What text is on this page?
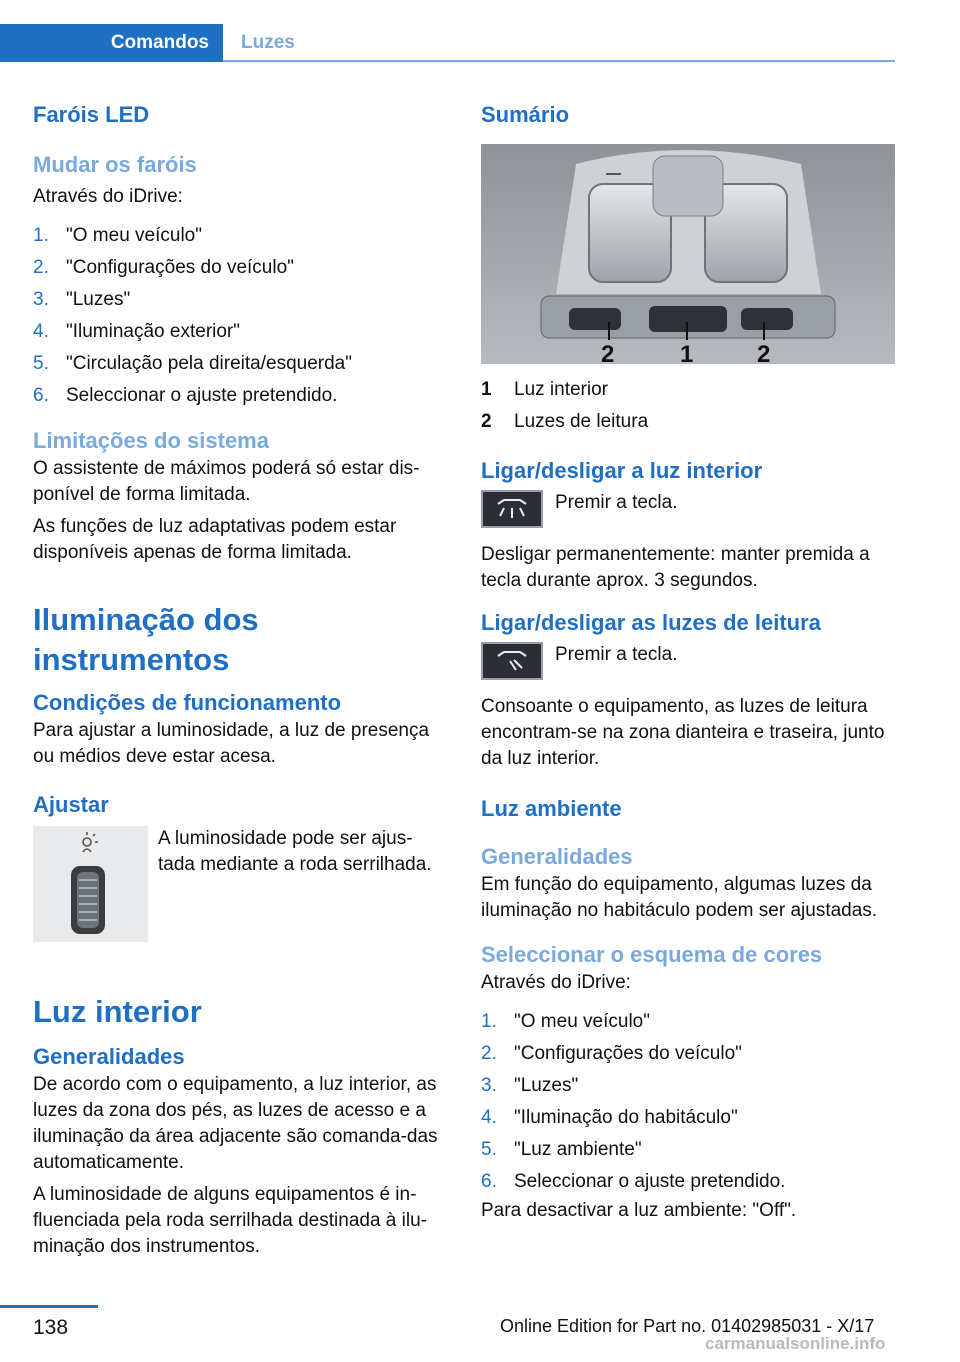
Comandos Luzes
Faróis LED
Mudar os faróis

Através do iDrive:

1. "O meu veículo"
2. "Configurações do veículo"
3. "Luzes"
4. "Iluminação exterior"
5. "Circulação pela direita/esquerda"
6. Seleccionar o ajuste pretendido.
Limitações do sistema

O assistente de máximos poderá só estar dis-ponível de forma limitada.

As funções de luz adaptativas podem estar disponíveis apenas de forma limitada.

Iluminação dos instrumentos
Condições de funcionamento

Para ajustar a luminosidade, a luz de presença ou médios deve estar acesa.

Ajustar

A luminosidade pode ser ajus-tada mediante a roda serrilhada.

Luz interior
Generalidades

De acordo com o equipamento, a luz interior, as luzes da zona dos pés, as luzes de acesso e a iluminação da área adjacente são comanda-das automaticamente.

A luminosidade de alguns equipamentos é in-fluenciada pela roda serrilhada destinada à ilu-minação dos instrumentos.

Sumário
2	1	2
1	Luz interior
2	Luzes de leitura
Ligar/desligar a luz interior

Premir a tecla.

Desligar permanentemente: manter premida a tecla durante aprox. 3 segundos.

Ligar/desligar as luzes de leitura

Premir a tecla.

Consoante o equipamento, as luzes de leitura encontram-se na zona dianteira e traseira, junto da luz interior.

Luz ambiente
Generalidades

Em função do equipamento, algumas luzes da iluminação no habitáculo podem ser ajustadas.

Seleccionar o esquema de cores

Através do iDrive:

1. "O meu veículo"
2. "Configurações do veículo"
3. "Luzes"
4. "Iluminação do habitáculo"
5. "Luz ambiente"
6. Seleccionar o ajuste pretendido.

Para desactivar a luz ambiente: "Off".

138	Online Edition for Part no. 01402985031 - X/17
carmanualsonline.info
